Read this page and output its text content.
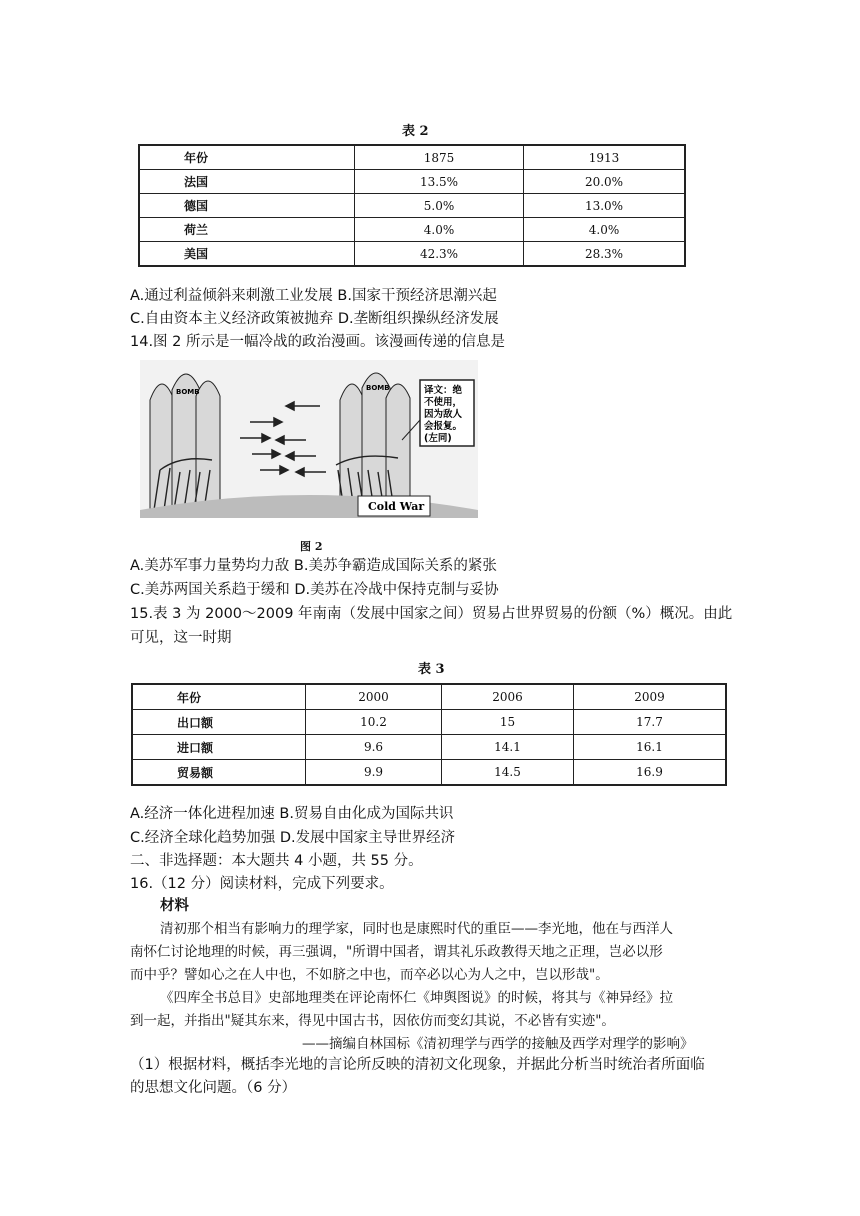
表 2
年份	1875	1913
法国	13.5%	20.0%
德国	5.0%	13.0%
荷兰	4.0%	4.0%
美国	42.3%	28.3%
A.通过利益倾斜来刺激工业发展 B.国家干预经济思潮兴起
C.自由资本主义经济政策被抛弃 D.垄断组织操纵经济发展
14.图 2 所示是一幅冷战的政治漫画。该漫画传递的信息是
BOMB	BOMB	译文：绝
不使用，
因为敌人
会报复。
(左同)
Cold War
图 2
A.美苏军事力量势均力敌 B.美苏争霸造成国际关系的紧张
C.美苏两国关系趋于缓和 D.美苏在冷战中保持克制与妥协
15.表 3 为 2000～2009 年南南（发展中国家之间）贸易占世界贸易的份额（%）概况。由此
可见，这一时期
表 3
年份	2000	2006	2009
出口额	10.2	15	17.7
进口额	9.6	14.1	16.1
贸易额	9.9	14.5	16.9
A.经济一体化进程加速 B.贸易自由化成为国际共识
C.经济全球化趋势加强 D.发展中国家主导世界经济
二、非选择题：本大题共 4 小题，共 55 分。
16.（12 分）阅读材料，完成下列要求。
材料
清初那个相当有影响力的理学家，同时也是康熙时代的重臣——李光地，他在与西洋人
南怀仁讨论地理的时候，再三强调，"所谓中国者，谓其礼乐政教得天地之正理，岂必以形
而中乎？譬如心之在人中也，不如脐之中也，而卒必以心为人之中，岂以形哉"。
《四库全书总目》史部地理类在评论南怀仁《坤舆图说》的时候，将其与《神异经》拉
到一起，并指出"疑其东来，得见中国古书，因依仿而变幻其说，不必皆有实迹"。
——摘编自林国标《清初理学与西学的接触及西学对理学的影响》
（1）根据材料，概括李光地的言论所反映的清初文化现象，并据此分析当时统治者所面临
的思想文化问题。（6 分）
